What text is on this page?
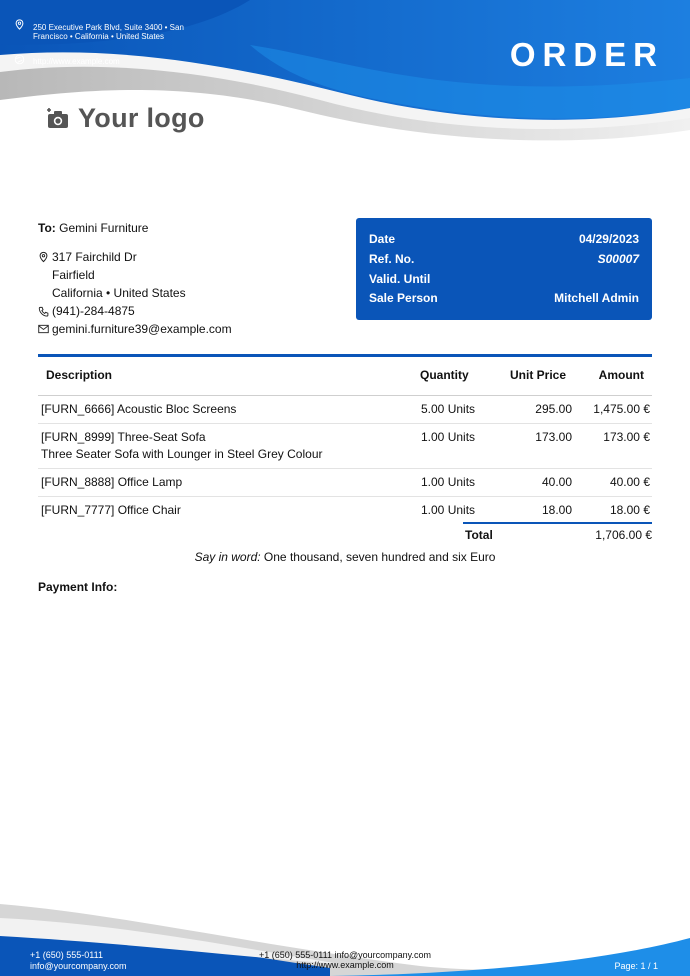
250 Executive Park Blvd, Suite 3400 • San
Francisco • California • United States
http://www.example.com	ORDER
Your logo
To: Gemini Furniture
317 Fairchild Dr
Fairfield
California • United States
(941)-284-4875
gemini.furniture39@example.com
Date	04/29/2023
Ref. No.	S00007
Valid. Until
Sale Person	Mitchell Admin
Description	Quantity	Unit Price	Amount
[FURN_6666] Acoustic Bloc Screens	5.00 Units	295.00	1,475.00 €

[FURN_8999] Three-Seat Sofa
Three Seater Sofa with Lounger in Steel Grey Colour	1.00 Units	173.00	173.00 €
[FURN_8888] Office Lamp	1.00 Units	40.00	40.00 €
[FURN_7777] Office Chair	1.00 Units	18.00	18.00 €
Total	1,706.00 €
Say in word: One thousand, seven hundred and six Euro
Payment Info:
+1 (650) 555-0111
info@yourcompany.com
+1 (650) 555-0111 info@yourcompany.com
http://www.example.com	Page: 1 / 1
